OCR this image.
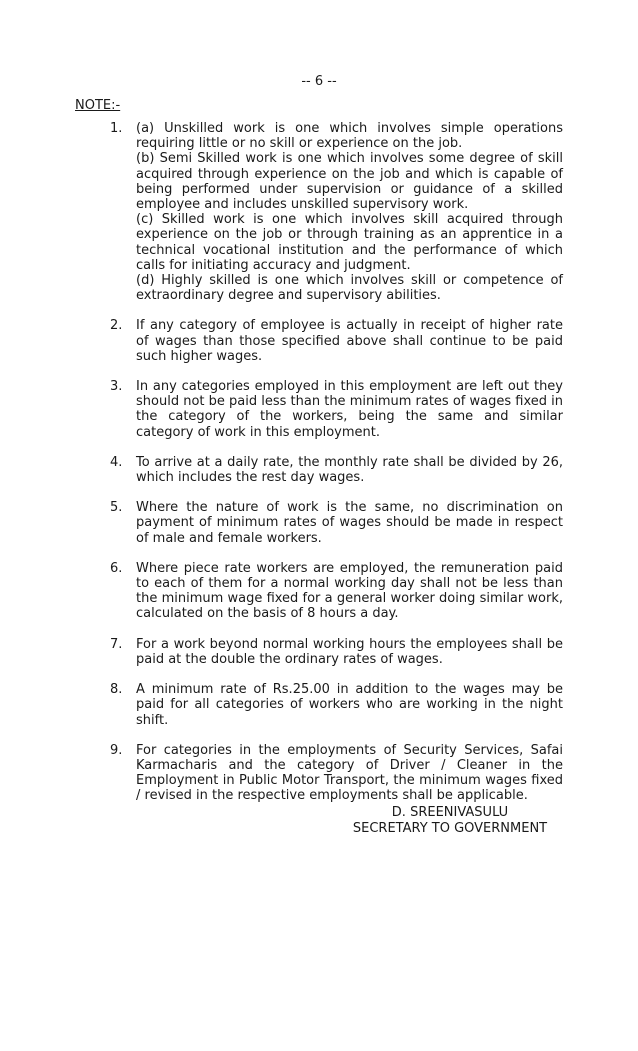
-- 6 --
NOTE:-
1. (a) Unskilled work is one which involves simple operations requiring little or no skill or experience on the job.

(b) Semi Skilled work is one which involves some degree of skill acquired through experience on the job and which is capable of being performed under supervision or guidance of a skilled employee and includes unskilled supervisory work.

(c) Skilled work is one which involves skill acquired through experience on the job or through training as an apprentice in a technical vocational institution and the performance of which calls for initiating accuracy and judgment.

(d) Highly skilled is one which involves skill or competence of extraordinary degree and supervisory abilities.

2. If any category of employee is actually in receipt of higher rate of wages than those specified above shall continue to be paid such higher wages.

3. In any categories employed in this employment are left out they should not be paid less than the minimum rates of wages fixed in the category of the workers, being the same and similar category of work in this employment.

4. To arrive at a daily rate, the monthly rate shall be divided by 26, which includes the rest day wages.

5. Where the nature of work is the same, no discrimination on payment of minimum rates of wages should be made in respect of male and female workers.

6. Where piece rate workers are employed, the remuneration paid to each of them for a normal working day shall not be less than the minimum wage fixed for a general worker doing similar work, calculated on the basis of 8 hours a day.

7. For a work beyond normal working hours the employees shall be paid at the double the ordinary rates of wages.

8. A minimum rate of Rs.25.00 in addition to the wages may be paid for all categories of workers who are working in the night shift.

9. For categories in the employments of Security Services, Safai Karmacharis and the category of Driver / Cleaner in the Employment in Public Motor Transport, the minimum wages fixed / revised in the respective employments shall be applicable.

D. SREENIVASULU
SECRETARY TO GOVERNMENT
